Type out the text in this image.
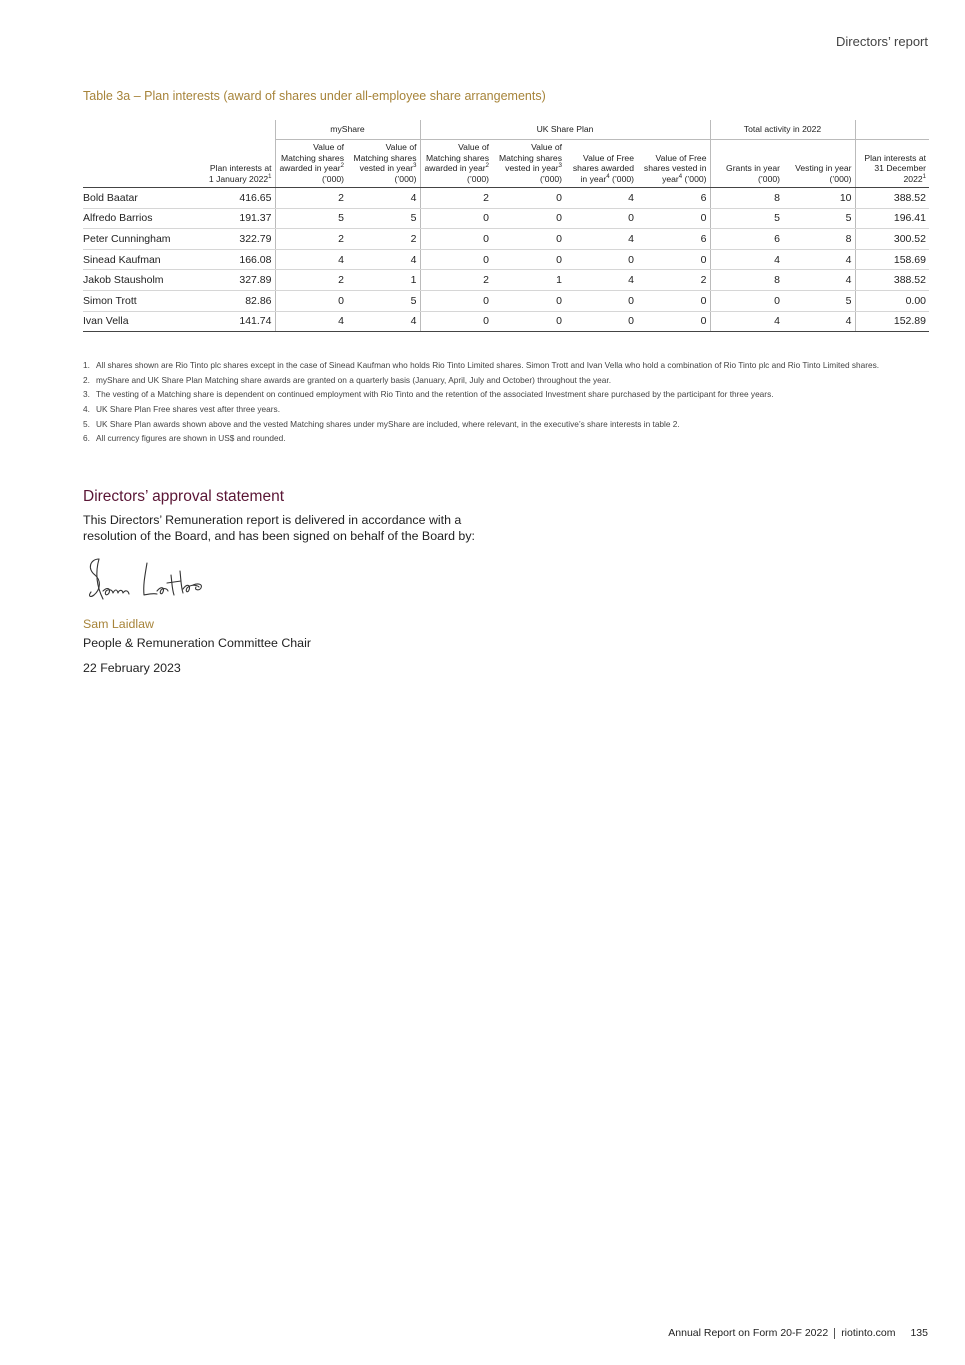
Directors’ report
Table 3a – Plan interests (award of shares under all-employee share arrangements)
		myShare		UK Share Plan				Total activity in 2022		
	Plan interests at 1 January 2022$^1$	Value of Matching shares awarded in year$^2$ (’000)	Value of Matching shares vested in year$^3$ (’000)	Value of Matching shares awarded in year$^2$ (’000)	Value of Matching shares vested in year$^3$ (’000)	Value of Free shares awarded in year$^4$ (’000)	Value of Free shares vested in year$^4$ (’000)	Grants in year (’000)	Vesting in year (’000)	Plan interests at 31 December 2022$^1$
Bold Baatar	416.65	2	4	2	0	4	6	8	10	388.52
Alfredo Barrios	191.37	5	5	0	0	0	0	5	5	196.41
Peter Cunningham	322.79	2	2	0	0	4	6	6	8	300.52
Sinead Kaufman	166.08	4	4	0	0	0	0	4	4	158.69
Jakob Stausholm	327.89	2	1	2	1	4	2	8	4	388.52
Simon Trott	82.86	0	5	0	0	0	0	0	5	0.00
Ivan Vella	141.74	4	4	0	0	0	0	4	4	152.89
1. All shares shown are Rio Tinto plc shares except in the case of Sinead Kaufman who holds Rio Tinto Limited shares. Simon Trott and Ivan Vella who hold a combination of Rio Tinto plc and Rio Tinto Limited shares.
2. myShare and UK Share Plan Matching share awards are granted on a quarterly basis (January, April, July and October) throughout the year.
3. The vesting of a Matching share is dependent on continued employment with Rio Tinto and the retention of the associated Investment share purchased by the participant for three years.
4. UK Share Plan Free shares vest after three years.
5. UK Share Plan awards shown above and the vested Matching shares under myShare are included, where relevant, in the executive’s share interests in table 2.
6. All currency figures are shown in US$ and rounded.
Directors’ approval statement
This Directors’ Remuneration report is delivered in accordance with a resolution of the Board, and has been signed on behalf of the Board by:
Sam Laidlaw
People & Remuneration Committee Chair
22 February 2023
Annual Report on Form 20-F 2022 riotinto.com 135
